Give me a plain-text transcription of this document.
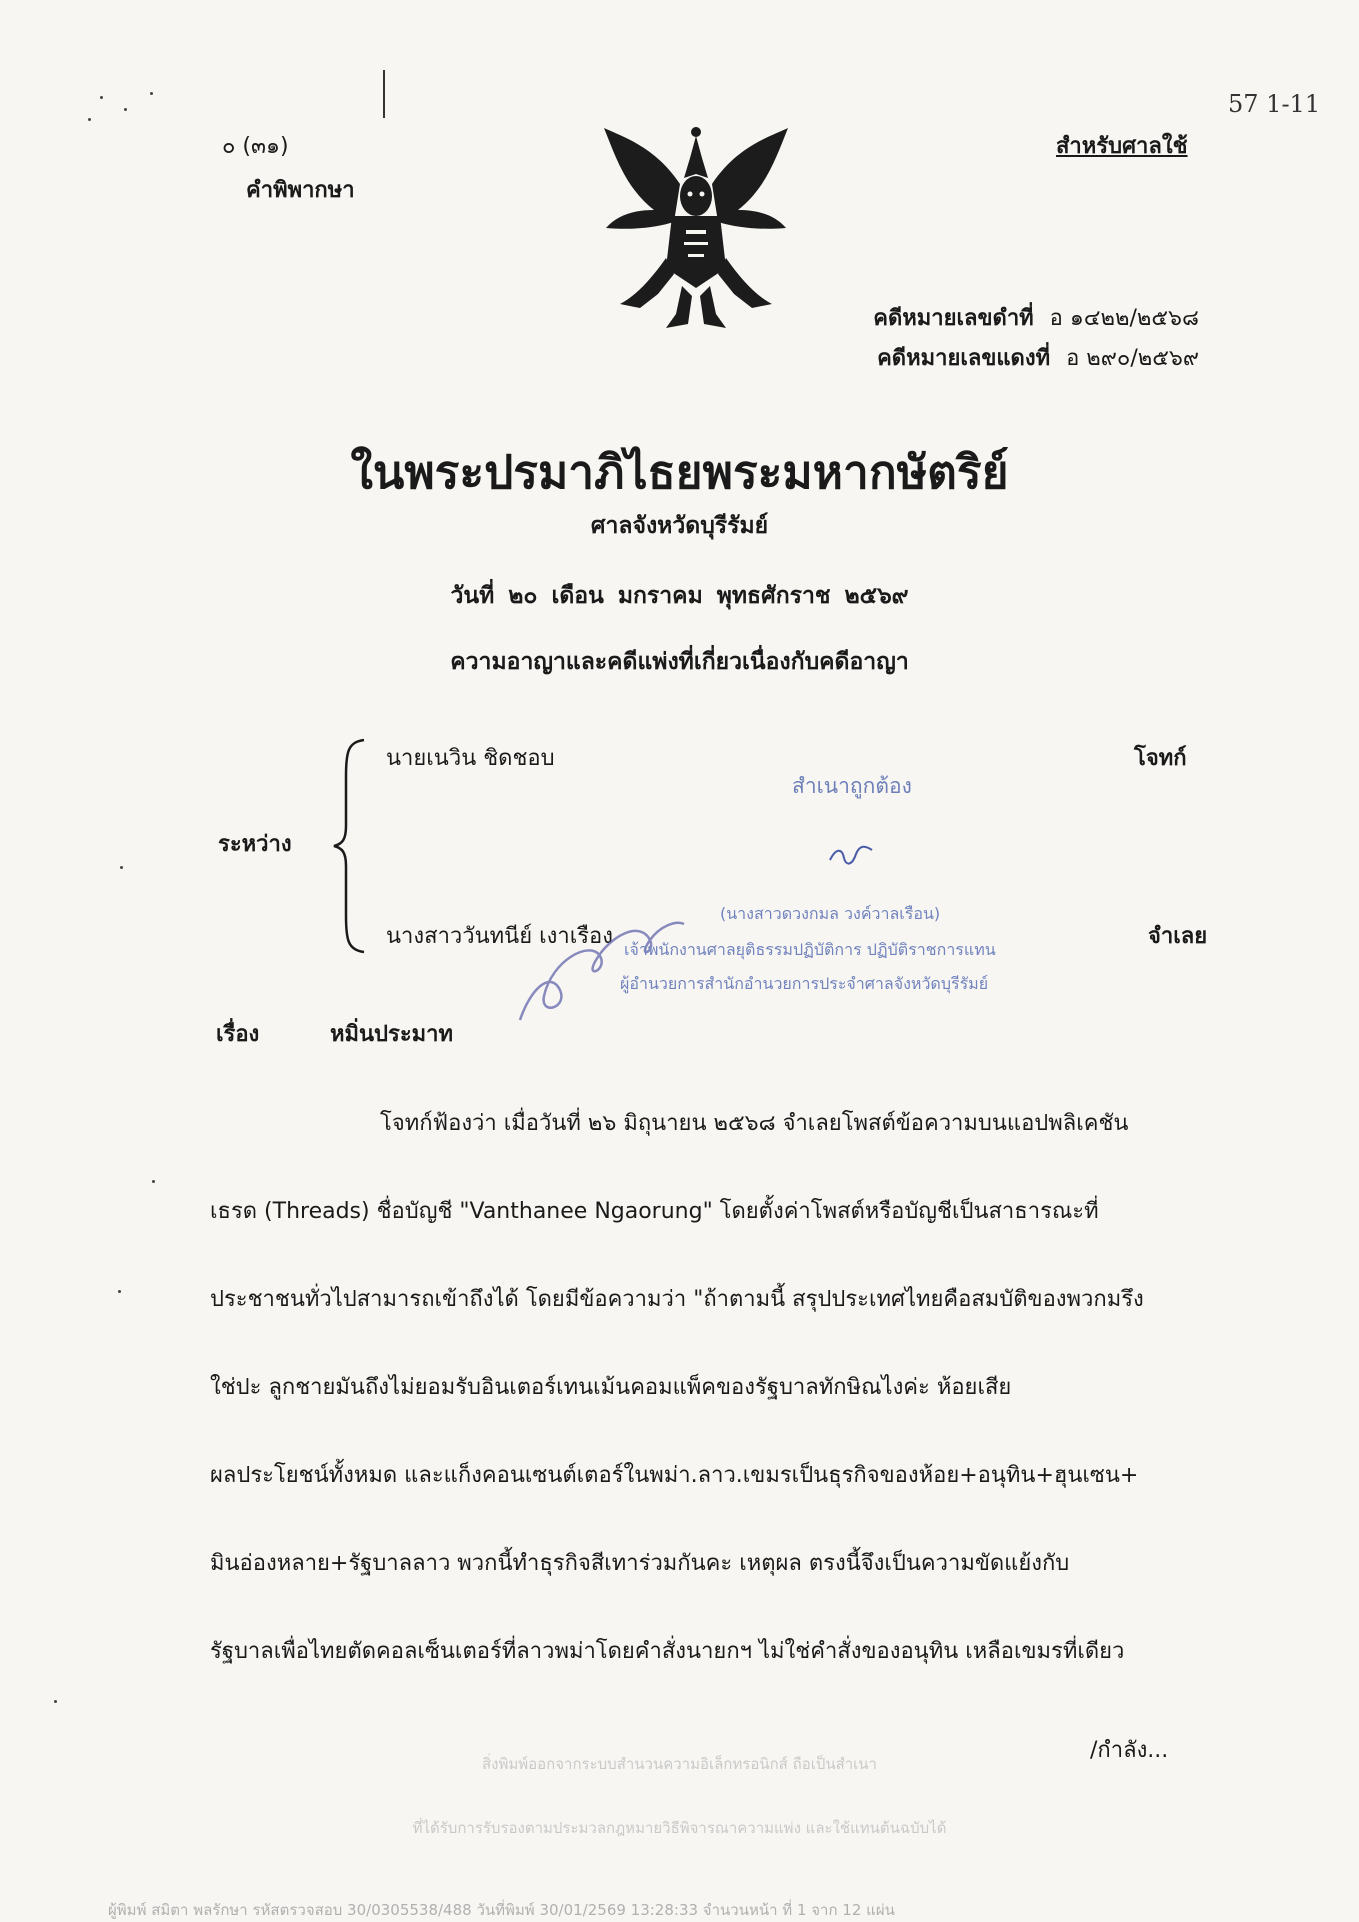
๐ (๓๑)
คำพิพากษา
สำหรับศาลใช้
57 1-11
คดีหมายเลขดำที่ อ ๑๔๒๒/๒๕๖๘
คดีหมายเลขแดงที่ อ ๒๙๐/๒๕๖๙
ในพระปรมาภิไธยพระมหากษัตริย์
ศาลจังหวัดบุรีรัมย์
วันที่ ๒๐ เดือน มกราคม พุทธศักราช ๒๕๖๙
ความอาญาและคดีแพ่งที่เกี่ยวเนื่องกับคดีอาญา
ระหว่าง
นายเนวิน ชิดชอบ	โจทก์
นางสาววันทนีย์ เงาเรือง	จำเลย
สำเนาถูกต้อง
(นางสาวดวงกมล วงค์วาลเรือน)
เจ้าพนักงานศาลยุติธรรมปฏิบัติการ ปฏิบัติราชการแทน
ผู้อำนวยการสำนักอำนวยการประจำศาลจังหวัดบุรีรัมย์
เรื่อง	หมิ่นประมาท
โจทก์ฟ้องว่า เมื่อวันที่ ๒๖ มิถุนายน ๒๕๖๘ จำเลยโพสต์ข้อความบนแอปพลิเคชัน
เธรด (Threads) ชื่อบัญชี "Vanthanee Ngaorung" โดยตั้งค่าโพสต์หรือบัญชีเป็นสาธารณะที่
ประชาชนทั่วไปสามารถเข้าถึงได้ โดยมีข้อความว่า "ถ้าตามนี้ สรุปประเทศไทยคือสมบัติของพวกมรึง
ใช่ปะ ลูกชายมันถึงไม่ยอมรับอินเตอร์เทนเม้นคอมแพ็คของรัฐบาลทักษิณไงค่ะ ห้อยเสีย
ผลประโยชน์ทั้งหมด และแก็งคอนเซนต์เตอร์ในพม่า.ลาว.เขมรเป็นธุรกิจของห้อย+อนุทิน+ฮุนเซน+
มินอ่องหลาย+รัฐบาลลาว พวกนี้ทำธุรกิจสีเทาร่วมกันคะ เหตุผล ตรงนี้จึงเป็นความขัดแย้งกับ
รัฐบาลเพื่อไทยตัดคอลเซ็นเตอร์ที่ลาวพม่าโดยคำสั่งนายกฯ ไม่ใช่คำสั่งของอนุทิน เหลือเขมรที่เดียว
/กำลัง...
สิ่งพิมพ์ออกจากระบบสำนวนความอิเล็กทรอนิกส์ ถือเป็นสำเนา
ที่ได้รับการรับรองตามประมวลกฎหมายวิธีพิจารณาความแพ่ง และใช้แทนต้นฉบับได้
ผู้พิมพ์ สมิตา พลรักษา รหัสตรวจสอบ 30/0305538/488 วันที่พิมพ์ 30/01/2569 13:28:33 จำนวนหน้า ที่ 1 จาก 12 แผ่น
